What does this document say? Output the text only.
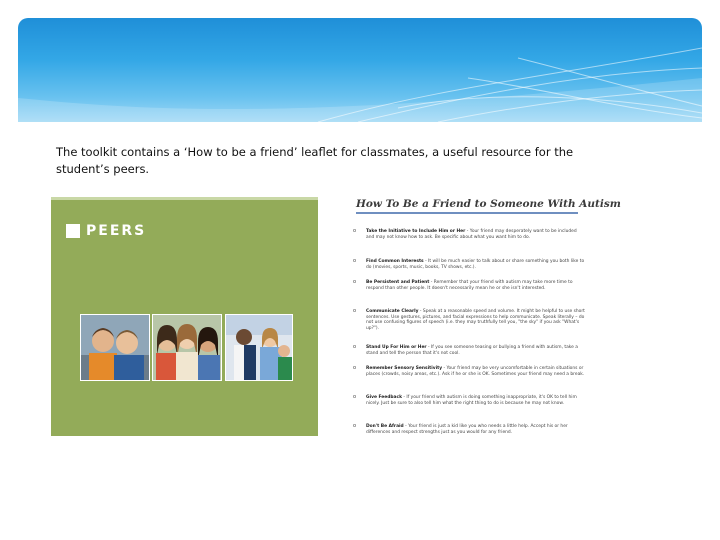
The toolkit contains a ‘How to be a friend’ leaflet for classmates, a useful resource for the student’s peers.
PEERS
How To Be a Friend to Someone With Autism
o Take the Initiative to Include Him or Her - Your friend may desperately want to be included and may not know how to ask. Be specific about what you want him to do.
o Find Common Interests - It will be much easier to talk about or share something you both like to do (movies, sports, music, books, TV shows, etc.).
o Be Persistent and Patient - Remember that your friend with autism may take more time to respond than other people. It doesn't necessarily mean he or she isn't interested.
o Communicate Clearly - Speak at a reasonable speed and volume. It might be helpful to use short sentences. Use gestures, pictures, and facial expressions to help communicate. Speak literally – do not use confusing figures of speech (i.e. they may truthfully tell you, "the sky" if you ask "What's up?").
o Stand Up For Him or Her - If you see someone teasing or bullying a friend with autism, take a stand and tell the person that it's not cool.
o Remember Sensory Sensitivity - Your friend may be very uncomfortable in certain situations or places (crowds, noisy areas, etc.). Ask if he or she is OK. Sometimes your friend may need a break.
o Give Feedback - If your friend with autism is doing something inappropriate, it's OK to tell him nicely. Just be sure to also tell him what the right thing to do is because he may not know.
o Don't Be Afraid - Your friend is just a kid like you who needs a little help. Accept his or her differences and respect strengths just as you would for any friend.
